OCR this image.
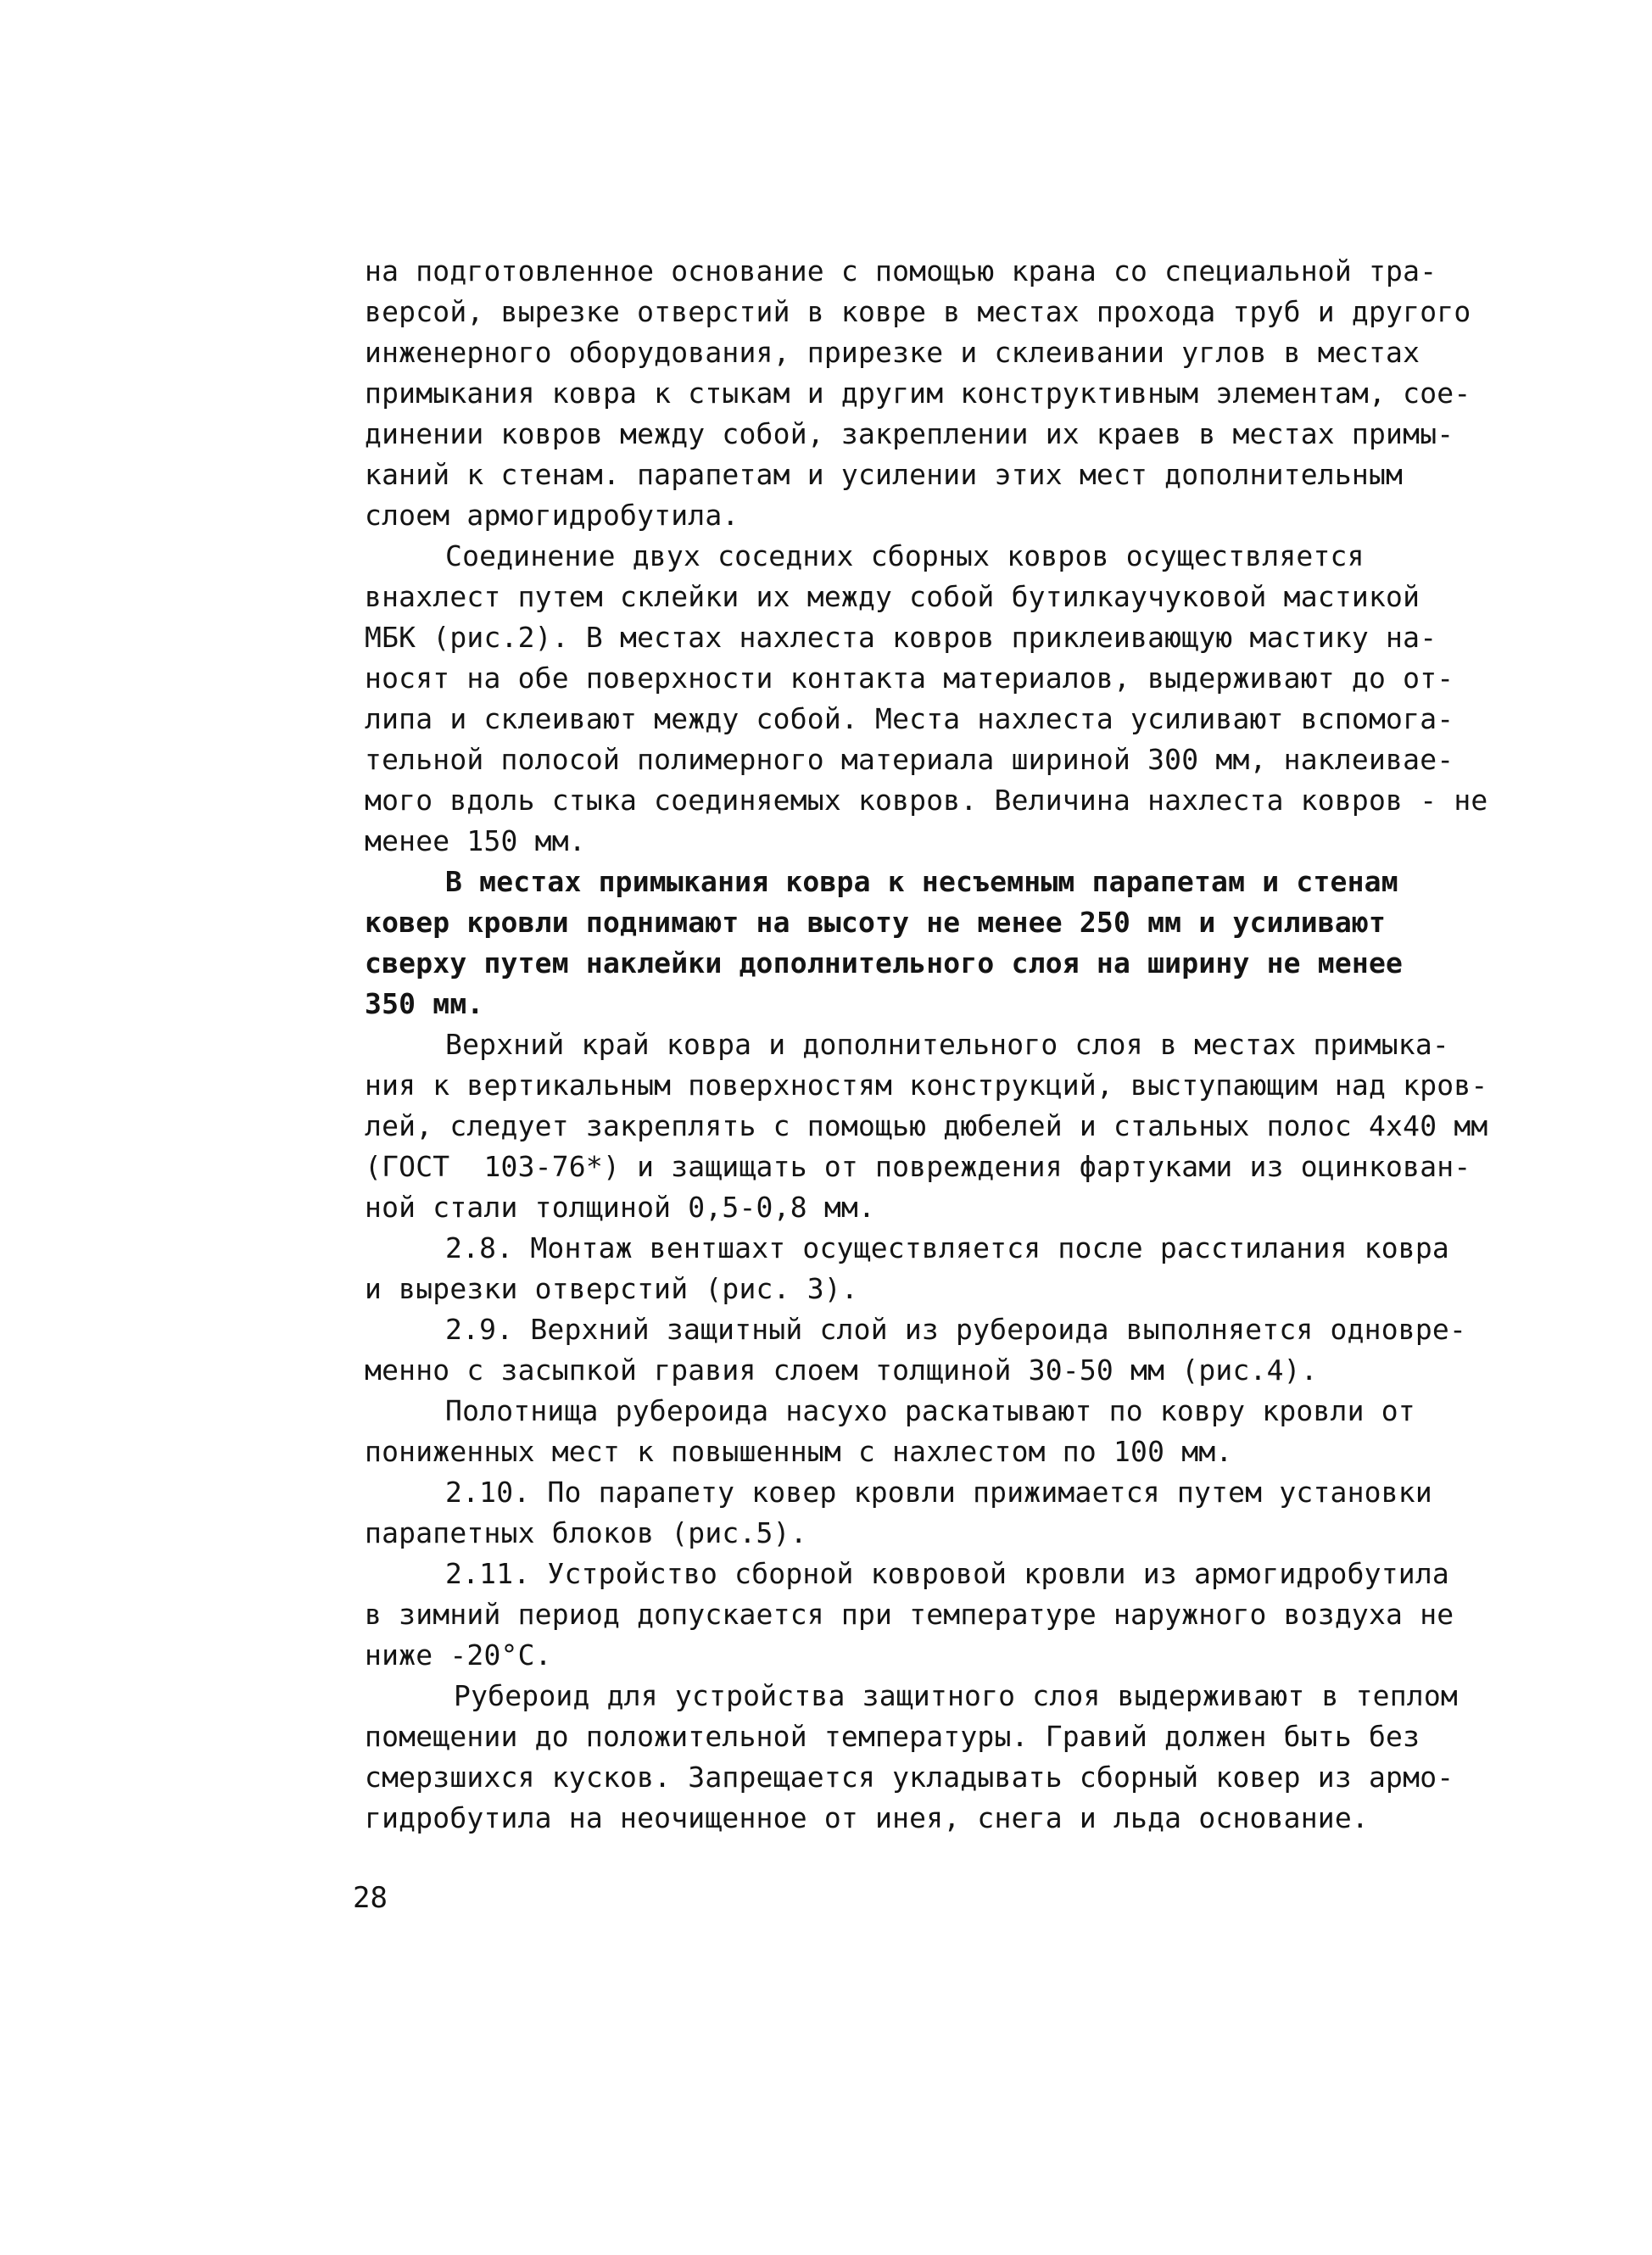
на подготовленное основание с помощью крана со специальной тра-
версой, вырезке отверстий в ковре в местах прохода труб и другого
инженерного оборудования, прирезке и склеивании углов в местах
примыкания ковра к стыкам и другим конструктивным элементам, сое-
динении ковров между собой, закреплении их краев в местах примы-
каний к стенам. парапетам и усилении этих мест дополнительным
слоем армогидробутила.
Соединение двух соседних сборных ковров осуществляется
внахлест путем склейки их между собой бутилкаучуковой мастикой
МБК (рис.2). В местах нахлеста ковров приклеивающую мастику на-
носят на обе поверхности контакта материалов, выдерживают до от-
липа и склеивают между собой. Места нахлеста усиливают вспомога-
тельной полосой полимерного материала шириной 300 мм, наклеивае-
мого вдоль стыка соединяемых ковров. Величина нахлеста ковров - не
менее 150 мм.
В местах примыкания ковра к несъемным парапетам и стенам
ковер кровли поднимают на высоту не менее 250 мм и усиливают
сверху путем наклейки дополнительного слоя на ширину не менее
350 мм.
Верхний край ковра и дополнительного слоя в местах примыка-
ния к вертикальным поверхностям конструкций, выступающим над кров-
лей, следует закреплять с помощью дюбелей и стальных полос 4х40 мм
(ГОСТ  103-76*) и защищать от повреждения фартуками из оцинкован-
ной стали толщиной 0,5-0,8 мм.
2.8. Монтаж вентшахт осуществляется после расстилания ковра
и вырезки отверстий (рис. 3).
2.9. Верхний защитный слой из рубероида выполняется одновре-
менно с засыпкой гравия слоем толщиной 30-50 мм (рис.4).
Полотнища рубероида насухо раскатывают по ковру кровли от
пониженных мест к повышенным с нахлестом по 100 мм.
2.10. По парапету ковер кровли прижимается путем установки
парапетных блоков (рис.5).
2.11. Устройство сборной ковровой кровли из армогидробутила
в зимний период допускается при температуре наружного воздуха не
ниже -20°С.
Рубероид для устройства защитного слоя выдерживают в теплом
помещении до положительной температуры. Гравий должен быть без
смерзшихся кусков. Запрещается укладывать сборный ковер из армо-
гидробутила на неочищенное от инея, снега и льда основание.
28
